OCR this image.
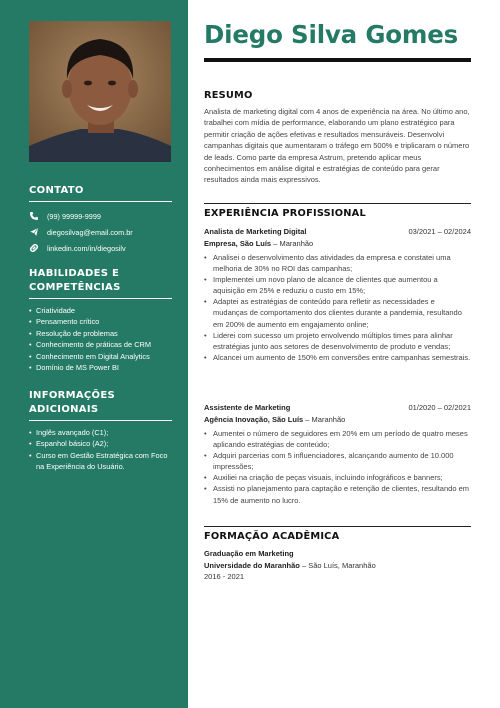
CONTATO
(99) 99999-9999
diegosilvag@email.com.br
linkedin.com/in/diegosilv
HABILIDADES E COMPETÊNCIAS
• Criatividade
• Pensamento crítico
• Resolução de problemas
• Conhecimento de práticas de CRM
• Conhecimento em Digital Analytics
• Domínio de MS Power BI
INFORMAÇÕES ADICIONAIS
• Inglês avançado (C1);
• Espanhol básico (A2);
• Curso em Gestão Estratégica com Foco na Experiência do Usuário.
Diego Silva Gomes
RESUMO
Analista de marketing digital com 4 anos de experiência na área. No último ano, trabalhei com mídia de performance, elaborando um plano estratégico para permitir criação de ações efetivas e resultados mensuráveis. Desenvolvi campanhas digitais que aumentaram o tráfego em 500% e triplicaram o número de leads. Como parte da empresa Astrum, pretendo aplicar meus conhecimentos em análise digital e estratégias de conteúdo para gerar resultados ainda mais expressivos.
EXPERIÊNCIA PROFISSIONAL
Analista de Marketing Digital	03/2021 – 02/2024
Empresa, São Luís – Maranhão
• Analisei o desenvolvimento das atividades da empresa e constatei uma melhoria de 30% no ROI das campanhas;
• Implementei um novo plano de alcance de clientes que aumentou a aquisição em 25% e reduziu o custo em 15%;
• Adaptei as estratégias de conteúdo para refletir as necessidades e mudanças de comportamento dos clientes durante a pandemia, resultando em 200% de aumento em engajamento online;
• Liderei com sucesso um projeto envolvendo múltiplos times para alinhar estratégias junto aos setores de desenvolvimento de produto e vendas;
• Alcancei um aumento de 150% em conversões entre campanhas semestrais.
Assistente de Marketing	01/2020 – 02/2021
Agência Inovação, São Luís – Maranhão
• Aumentei o número de seguidores em 20% em um período de quatro meses aplicando estratégias de conteúdo;
• Adquiri parcerias com 5 influenciadores, alcançando aumento de 10.000 impressões;
• Auxiliei na criação de peças visuais, incluindo infográficos e banners;
• Assisti no planejamento para captação e retenção de clientes, resultando em 15% de aumento no lucro.
FORMAÇÃO ACADÊMICA
Graduação em Marketing
Universidade do Maranhão – São Luís, Maranhão
2016 - 2021
